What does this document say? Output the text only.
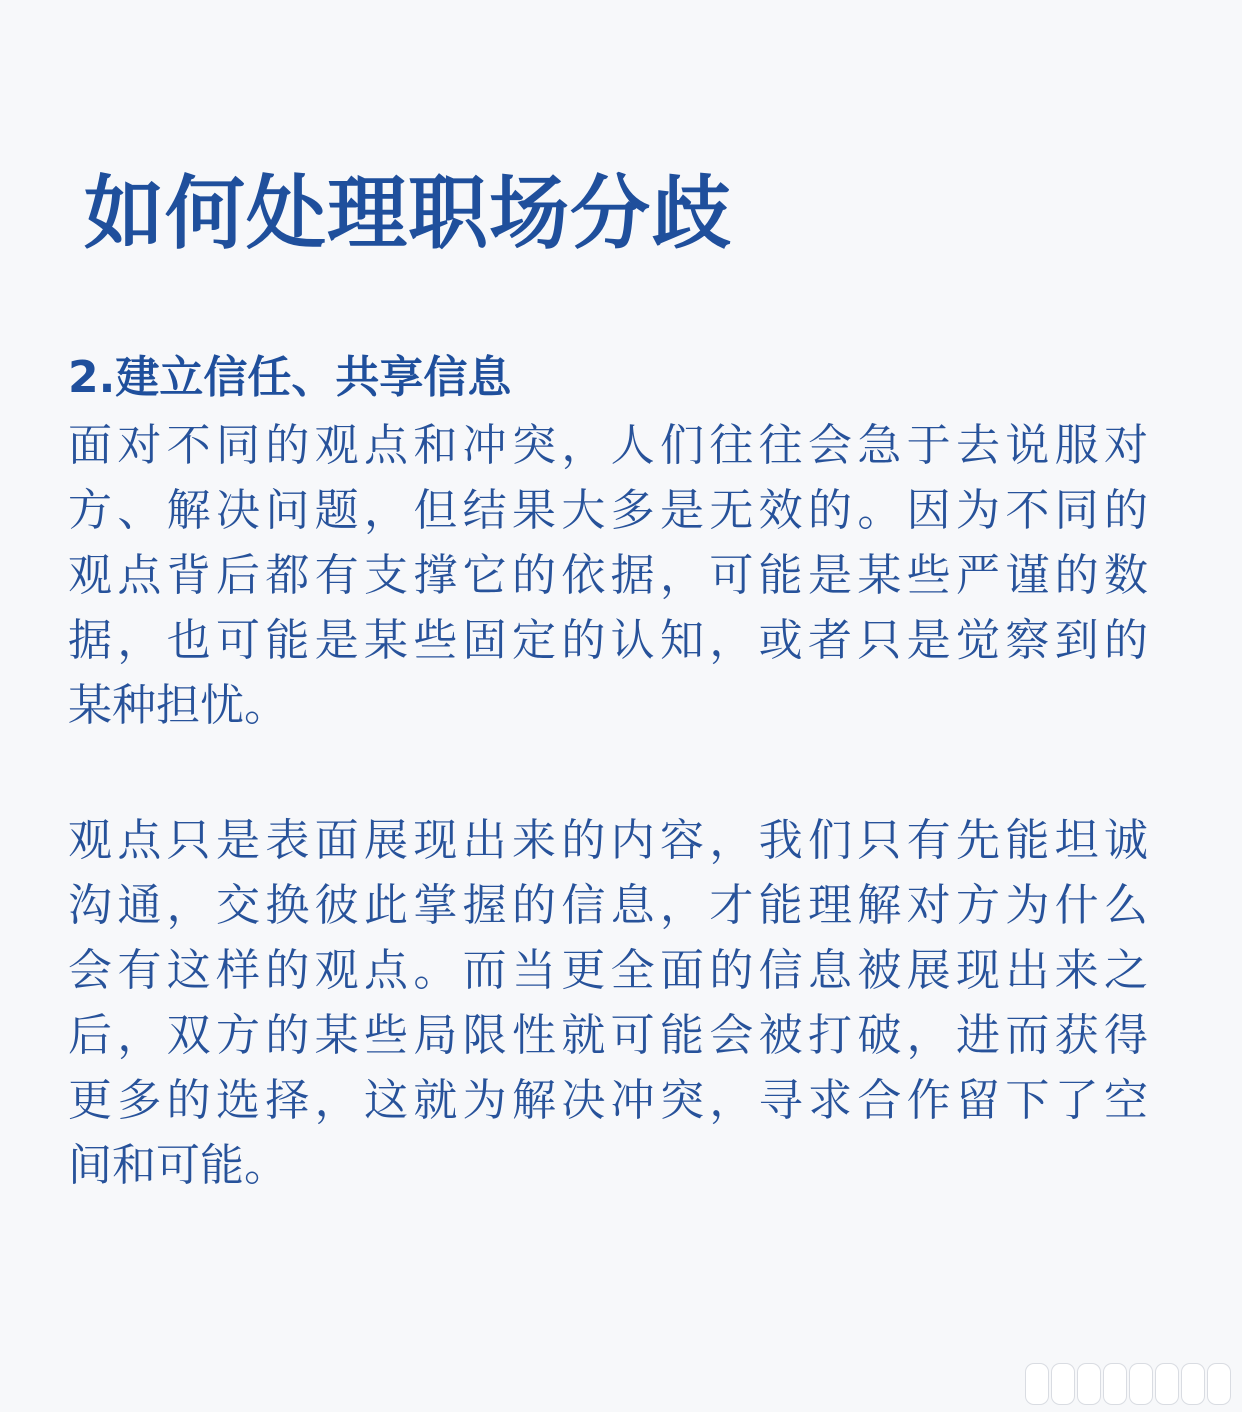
如何处理职场分歧
2.建立信任、共享信息

面对不同的观点和冲突，人们往往会急于去说服对
方、解决问题，但结果大多是无效的。因为不同的
观点背后都有支撑它的依据，可能是某些严谨的数
据，也可能是某些固定的认知，或者只是觉察到的
某种担忧。

观点只是表面展现出来的内容，我们只有先能坦诚
沟通，交换彼此掌握的信息，才能理解对方为什么
会有这样的观点。而当更全面的信息被展现出来之
后，双方的某些局限性就可能会被打破，进而获得
更多的选择，这就为解决冲突，寻求合作留下了空
间和可能。
